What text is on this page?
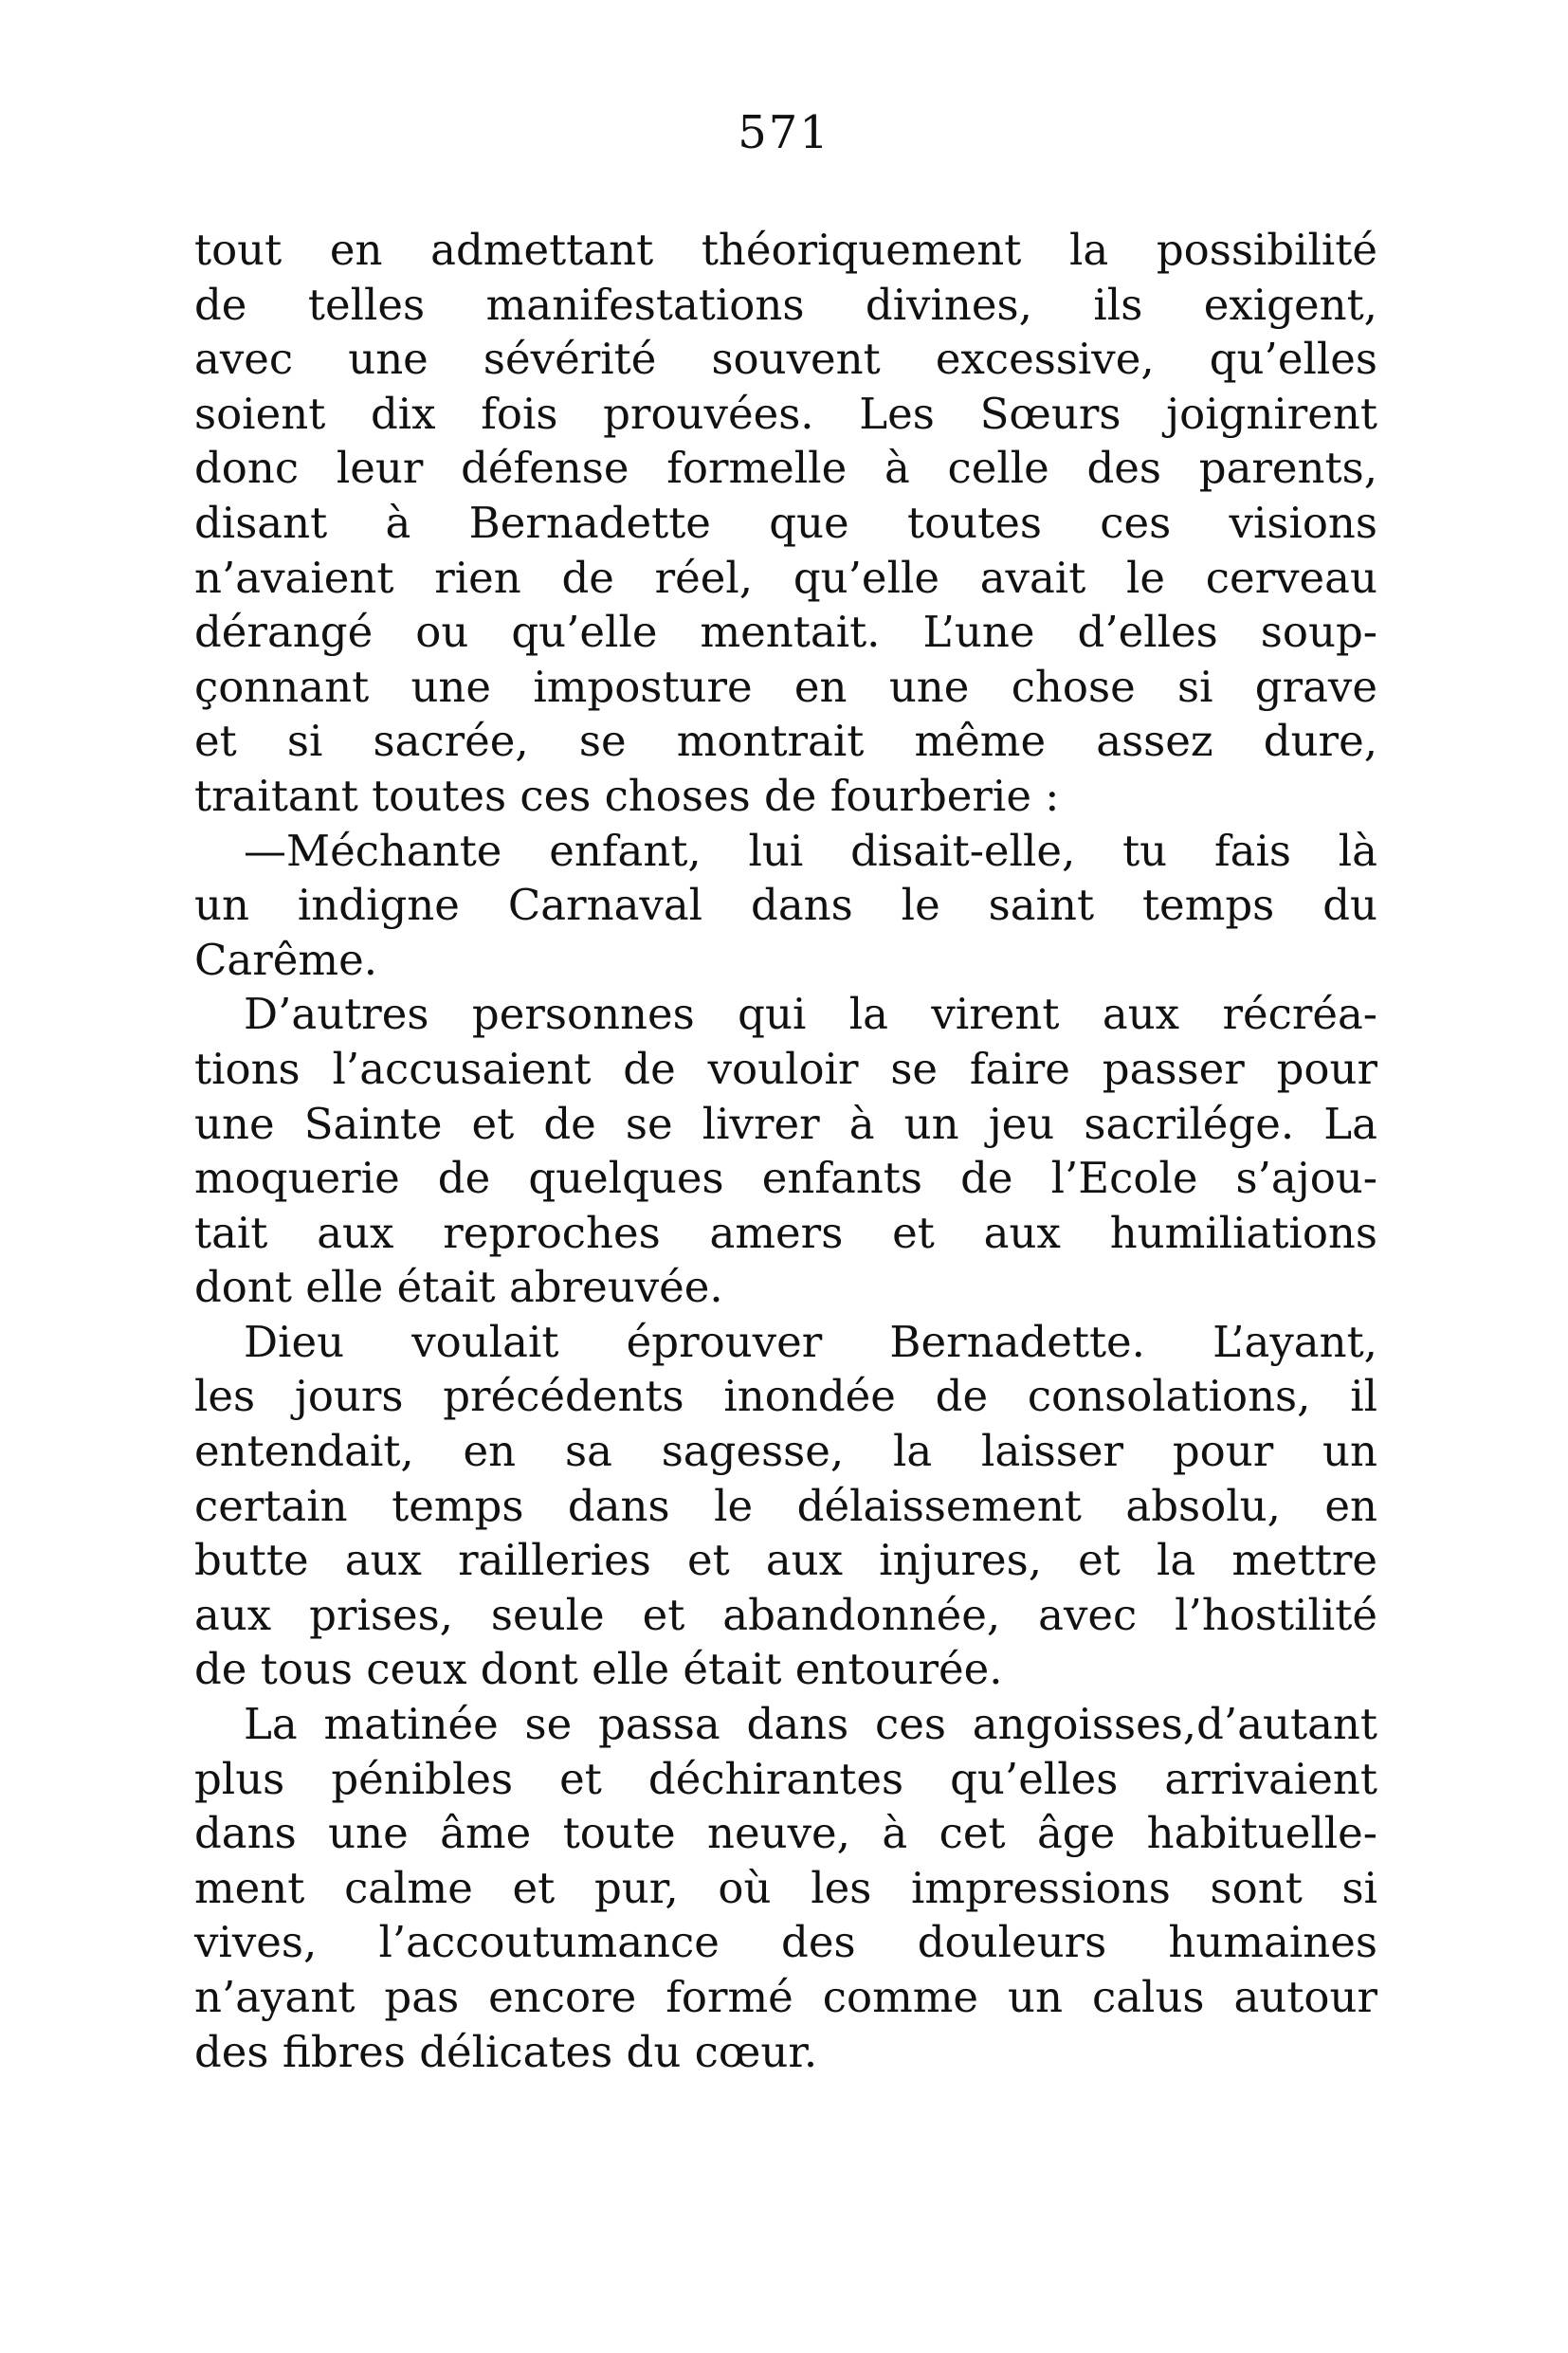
571
tout en admettant théoriquement la possibilité
de telles manifestations divines, ils exigent,
avec une sévérité souvent excessive, qu’elles
soient dix fois prouvées. Les Sœurs joignirent
donc leur défense formelle à celle des parents,
disant à Bernadette que toutes ces visions
n’avaient rien de réel, qu’elle avait le cerveau
dérangé ou qu’elle mentait. L’une d’elles soup-
çonnant une imposture en une chose si grave
et si sacrée, se montrait même assez dure,
traitant toutes ces choses de fourberie :
—Méchante enfant, lui disait-elle, tu fais là
un indigne Carnaval dans le saint temps du
Carême.
D’autres personnes qui la virent aux récréa-
tions l’accusaient de vouloir se faire passer pour
une Sainte et de se livrer à un jeu sacrilége. La
moquerie de quelques enfants de l’Ecole s’ajou-
tait aux reproches amers et aux humiliations
dont elle était abreuvée.
Dieu voulait éprouver Bernadette. L’ayant,
les jours précédents inondée de consolations, il
entendait, en sa sagesse, la laisser pour un
certain temps dans le délaissement absolu, en
butte aux railleries et aux injures, et la mettre
aux prises, seule et abandonnée, avec l’hostilité
de tous ceux dont elle était entourée.
La matinée se passa dans ces angoisses,d’autant
plus pénibles et déchirantes qu’elles arrivaient
dans une âme toute neuve, à cet âge habituelle-
ment calme et pur, où les impressions sont si
vives, l’accoutumance des douleurs humaines
n’ayant pas encore formé comme un calus autour
des fibres délicates du cœur.
